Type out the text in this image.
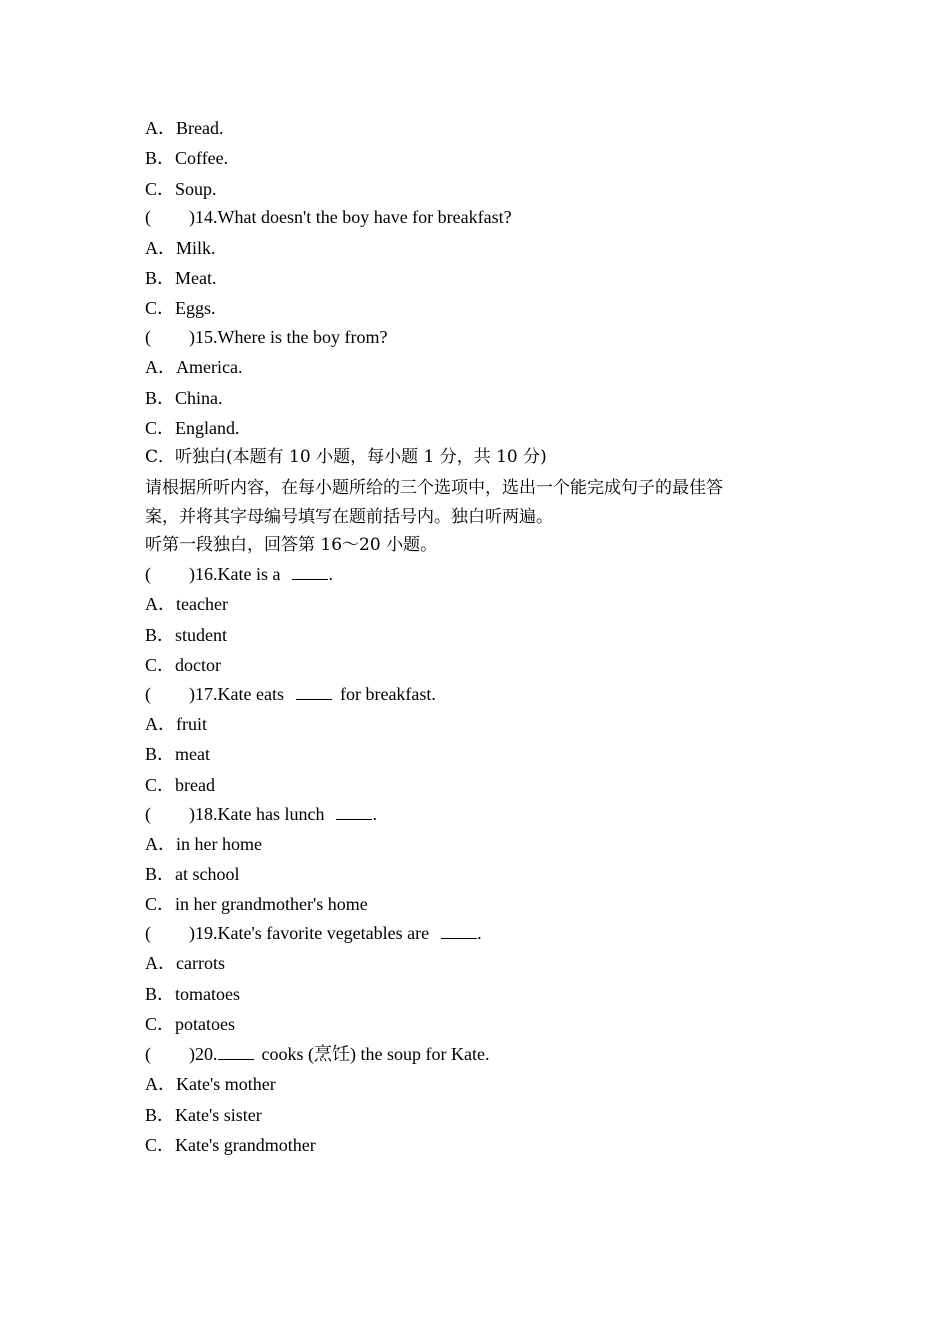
A．Bread.
B．Coffee.
C．Soup.
( )14.What doesn't the boy have for breakfast?
A．Milk.
B．Meat.
C．Eggs.
( )15.Where is the boy from?
A．America.
B．China.
C．England.
C．听独白(本题有 10 小题，每小题 1 分，共 10 分)
请根据所听内容，在每小题所给的三个选项中，选出一个能完成句子的最佳答
案，并将其字母编号填写在题前括号内。独白听两遍。
听第一段独白，回答第 16～20 小题。
( )16.Kate is a	.
A．teacher
B．student
C．doctor
( )17.Kate eats	for breakfast.
A．fruit
B．meat
C．bread
( )18.Kate has lunch	.
A．in her home
B．at school
C．in her grandmother's home
( )19.Kate's favorite vegetables are	.
A．carrots
B．tomatoes
C．potatoes
( )20. cooks (烹饪) the soup for Kate.
A．Kate's mother
B．Kate's sister
C．Kate's grandmother
